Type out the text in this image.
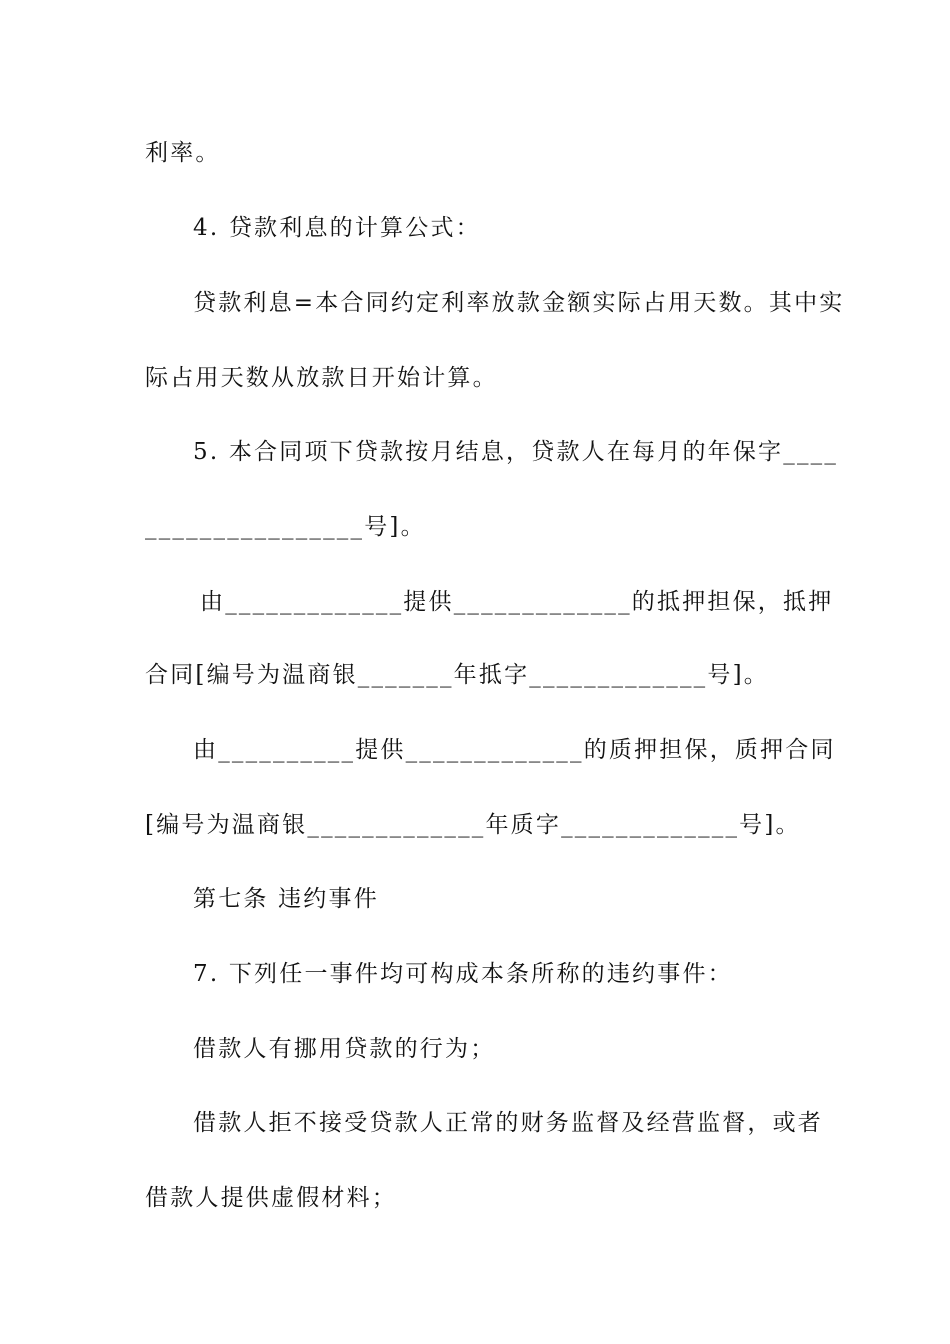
利率。
4. 贷款利息的计算公式：
贷款利息=本合同约定利率放款金额实际占用天数。其中实
际占用天数从放款日开始计算。
5. 本合同项下贷款按月结息，贷款人在每月的年保字____
________________号]。
由_____________提供_____________的抵押担保，抵押
合同[编号为温商银_______年抵字_____________号]。
由__________提供_____________的质押担保，质押合同
[编号为温商银_____________年质字_____________号]。
第七条 违约事件
7. 下列任一事件均可构成本条所称的违约事件：
借款人有挪用贷款的行为；
借款人拒不接受贷款人正常的财务监督及经营监督，或者
借款人提供虚假材料；
